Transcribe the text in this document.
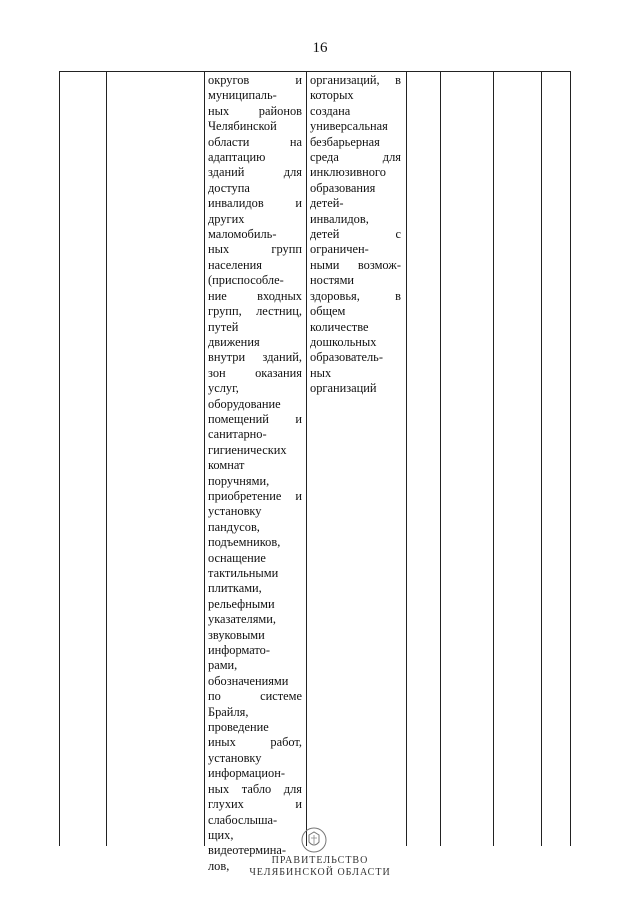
16
округов и
муниципаль-
ных районов
Челябинской
области на
адаптацию
зданий для
доступа
инвалидов и
других
маломобиль-
ных групп
населения
(приспособле-
ние входных
групп, лестниц,
путей
движения
внутри зданий,
зон оказания
услуг,
оборудование
помещений и
санитарно-
гигиенических
комнат
поручнями,
приобретение и
установку
пандусов,
подъемников,
оснащение
тактильными
плитками,
рельефными
указателями,
звуковыми
информато-
рами,
обозначениями
по системе
Брайля,
проведение
иных работ,
установку
информацион-
ных табло для
глухих и
слабослыша-
щих,
видеотермина-
лов,
организаций, в
которых
создана
универсальная
безбарьерная
среда для
инклюзивного
образования
детей-
инвалидов,
детей с
ограничен-
ными возмож-
ностями
здоровья, в
общем
количестве
дошкольных
образователь-
ных
организаций
ПРАВИТЕЛЬСТВО
ЧЕЛЯБИНСКОЙ ОБЛАСТИ
